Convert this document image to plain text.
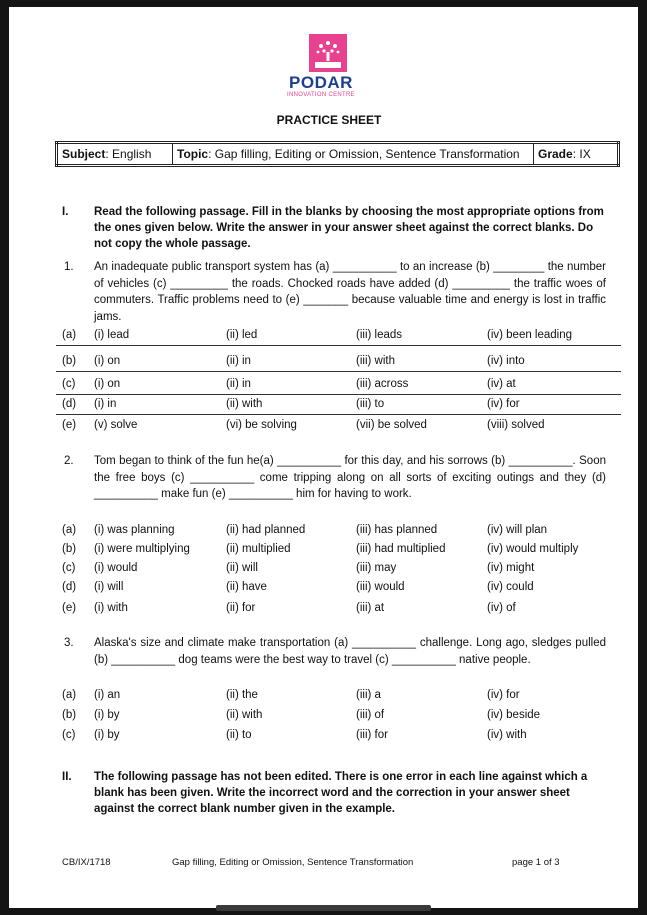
PODAR
INNOVATION CENTRE
PRACTICE SHEET
Subject: English	Topic: Gap filling, Editing or Omission, Sentence Transformation	Grade: IX
I. Read the following passage. Fill in the blanks by choosing the most appropriate options from the ones given below. Write the answer in your answer sheet against the correct blanks. Do not copy the whole passage.
1. An inadequate public transport system has (a) __________ to an increase (b) ________ the number of vehicles (c) _________ the roads. Chocked roads have added (d) _________ the traffic woes of commuters. Traffic problems need to (e) _______ because valuable time and energy is lost in traffic jams.
(a) (i) lead	(ii) led	(iii) leads	(iv) been leading
(b) (i) on	(ii) in	(iii) with	(iv) into
(c) (i) on	(ii) in	(iii) across	(iv) at
(d) (i) in	(ii) with	(iii) to	(iv) for
(e) (v) solve	(vi) be solving	(vii) be solved	(viii) solved
2. Tom began to think of the fun he(a) __________ for this day, and his sorrows (b) __________. Soon the free boys (c) __________ come tripping along on all sorts of exciting outings and they (d) __________ make fun (e) __________ him for having to work.
(a) (i) was planning	(ii) had planned	(iii) has planned	(iv) will plan
(b) (i) were multiplying	(ii) multiplied	(iii) had multiplied	(iv) would multiply
(c) (i) would	(ii) will	(iii) may	(iv) might
(d) (i) will	(ii) have	(iii) would	(iv) could
(e) (i) with	(ii) for	(iii) at	(iv) of
3. Alaska's size and climate make transportation (a) __________ challenge. Long ago, sledges pulled (b) __________ dog teams were the best way to travel (c) __________ native people.
(a) (i) an	(ii) the	(iii) a	(iv) for
(b) (i) by	(ii) with	(iii) of	(iv) beside
(c) (i) by	(ii) to	(iii) for	(iv) with
II. The following passage has not been edited. There is one error in each line against which a blank has been given. Write the incorrect word and the correction in your answer sheet against the correct blank number given in the example.
CB/IX/1718	Gap filling, Editing or Omission, Sentence Transformation	page 1 of 3
